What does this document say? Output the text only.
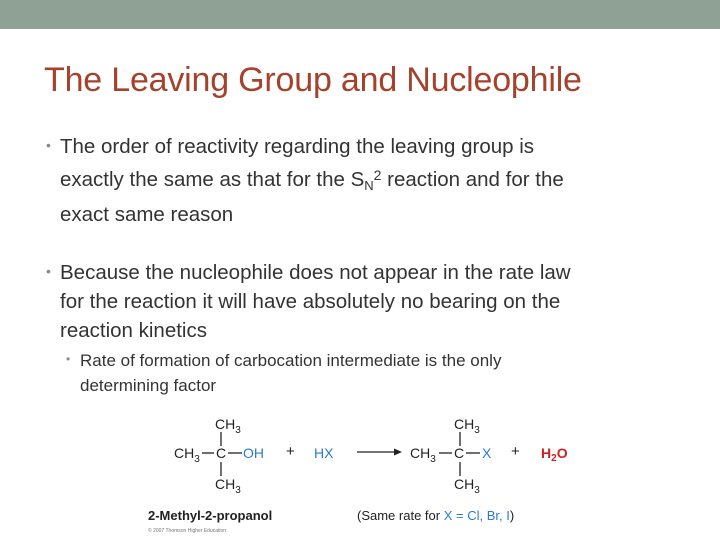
The Leaving Group and Nucleophile
• The order of reactivity regarding the leaving group is
exactly the same as that for the $S_N^2$ reaction and for the
exact same reason
• Because the nucleophile does not appear in the rate law
for the reaction it will have absolutely no bearing on the
reaction kinetics
• Rate of formation of carbocation intermediate is the only
determining factor
$CH_3$
$CH_3$ C OH
$CH_3$
+ HX
$CH_3$
$CH_3$ C X
$CH_3$
+ $H_2O$
2-Methyl-2-propanol	(Same rate for X = Cl, Br, I)
© 2007 Thomson Higher Education
